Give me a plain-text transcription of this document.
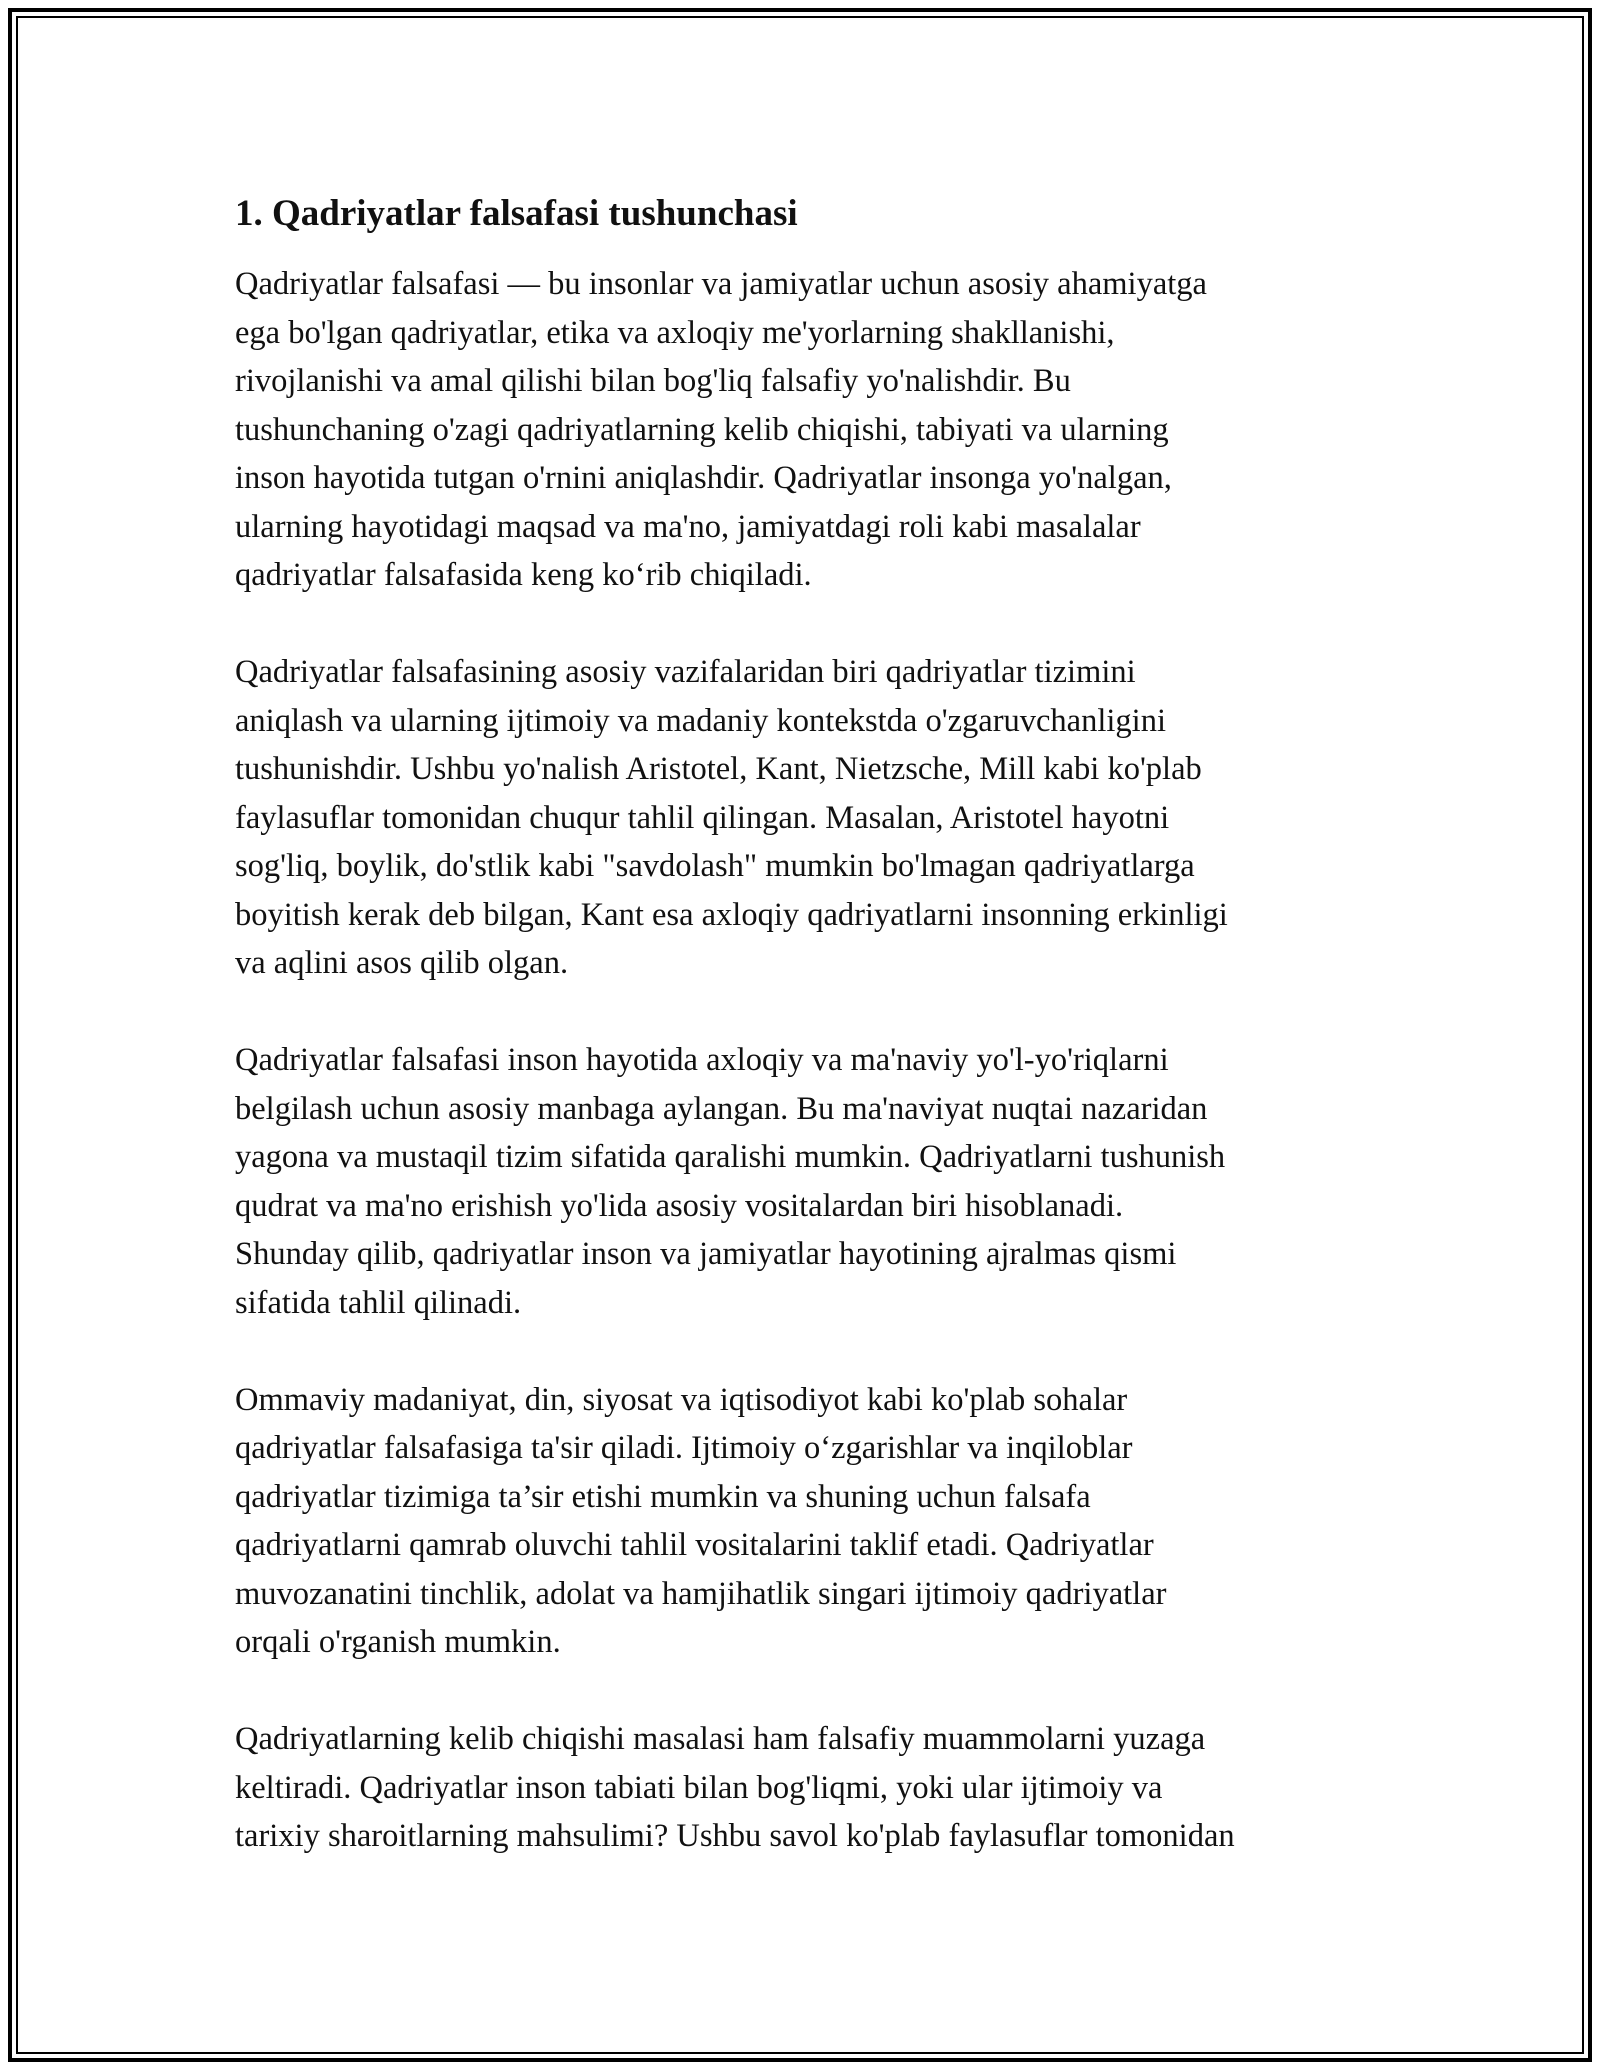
1. Qadriyatlar falsafasi tushunchasi
Qadriyatlar falsafasi — bu insonlar va jamiyatlar uchun asosiy ahamiyatga
ega bo'lgan qadriyatlar, etika va axloqiy me'yorlarning shakllanishi,
rivojlanishi va amal qilishi bilan bog'liq falsafiy yo'nalishdir. Bu
tushunchaning o'zagi qadriyatlarning kelib chiqishi, tabiyati va ularning
inson hayotida tutgan o'rnini aniqlashdir. Qadriyatlar insonga yo'nalgan,
ularning hayotidagi maqsad va ma'no, jamiyatdagi roli kabi masalalar
qadriyatlar falsafasida keng ko‘rib chiqiladi.
Qadriyatlar falsafasining asosiy vazifalaridan biri qadriyatlar tizimini
aniqlash va ularning ijtimoiy va madaniy kontekstda o'zgaruvchanligini
tushunishdir. Ushbu yo'nalish Aristotel, Kant, Nietzsche, Mill kabi ko'plab
faylasuflar tomonidan chuqur tahlil qilingan. Masalan, Aristotel hayotni
sog'liq, boylik, do'stlik kabi "savdolash" mumkin bo'lmagan qadriyatlarga
boyitish kerak deb bilgan, Kant esa axloqiy qadriyatlarni insonning erkinligi
va aqlini asos qilib olgan.
Qadriyatlar falsafasi inson hayotida axloqiy va ma'naviy yo'l-yo'riqlarni
belgilash uchun asosiy manbaga aylangan. Bu ma'naviyat nuqtai nazaridan
yagona va mustaqil tizim sifatida qaralishi mumkin. Qadriyatlarni tushunish
qudrat va ma'no erishish yo'lida asosiy vositalardan biri hisoblanadi.
Shunday qilib, qadriyatlar inson va jamiyatlar hayotining ajralmas qismi
sifatida tahlil qilinadi.
Ommaviy madaniyat, din, siyosat va iqtisodiyot kabi ko'plab sohalar
qadriyatlar falsafasiga ta'sir qiladi. Ijtimoiy o‘zgarishlar va inqiloblar
qadriyatlar tizimiga ta’sir etishi mumkin va shuning uchun falsafa
qadriyatlarni qamrab oluvchi tahlil vositalarini taklif etadi. Qadriyatlar
muvozanatini tinchlik, adolat va hamjihatlik singari ijtimoiy qadriyatlar
orqali o'rganish mumkin.
Qadriyatlarning kelib chiqishi masalasi ham falsafiy muammolarni yuzaga
keltiradi. Qadriyatlar inson tabiati bilan bog'liqmi, yoki ular ijtimoiy va
tarixiy sharoitlarning mahsulimi? Ushbu savol ko'plab faylasuflar tomonidan
